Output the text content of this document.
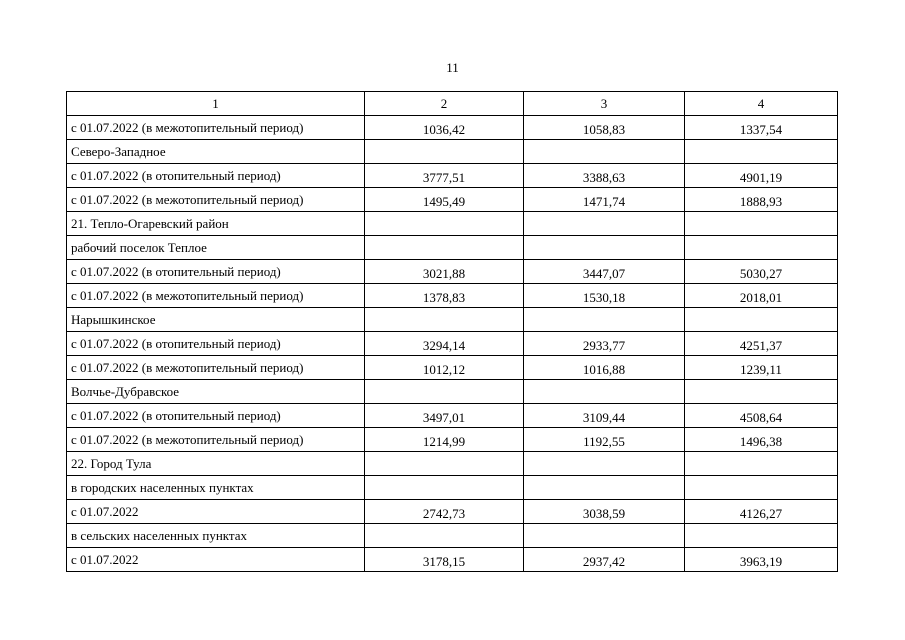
11
1	2	3	4
с 01.07.2022 (в межотопительный период)	1036,42	1058,83	1337,54
Северо-Западное			
с 01.07.2022 (в отопительный период)	3777,51	3388,63	4901,19
с 01.07.2022 (в межотопительный период)	1495,49	1471,74	1888,93
21. Тепло-Огаревский район			
рабочий поселок Теплое			
с 01.07.2022 (в отопительный период)	3021,88	3447,07	5030,27
с 01.07.2022 (в межотопительный период)	1378,83	1530,18	2018,01
Нарышкинское			
с 01.07.2022 (в отопительный период)	3294,14	2933,77	4251,37
с 01.07.2022 (в межотопительный период)	1012,12	1016,88	1239,11
Волчье-Дубравское			
с 01.07.2022 (в отопительный период)	3497,01	3109,44	4508,64
с 01.07.2022 (в межотопительный период)	1214,99	1192,55	1496,38
22. Город Тула			
в городских населенных пунктах			
с 01.07.2022	2742,73	3038,59	4126,27
в сельских населенных пунктах			
с 01.07.2022	3178,15	2937,42	3963,19
